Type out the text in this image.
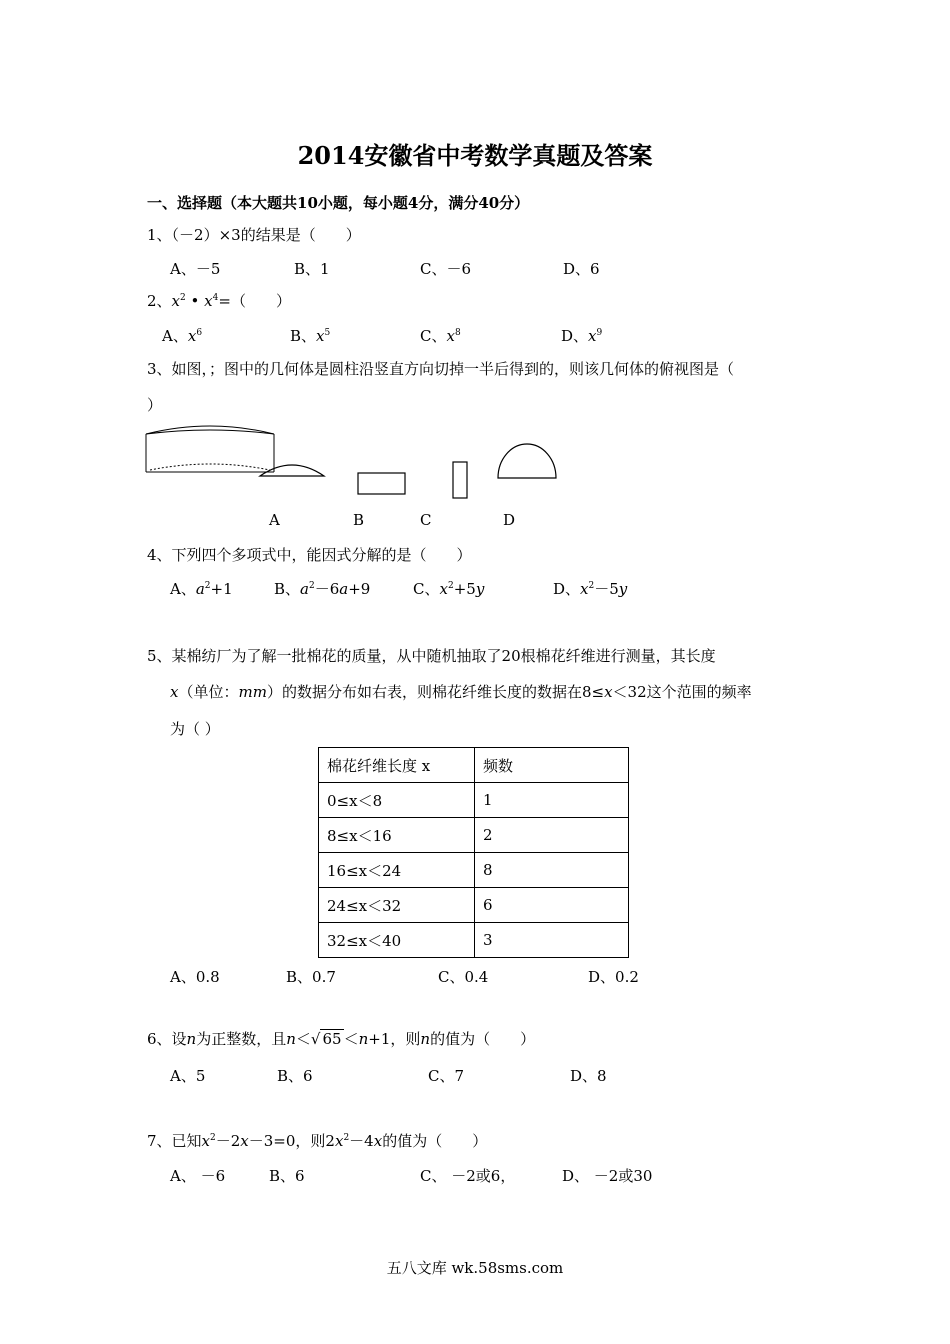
2014安徽省中考数学真题及答案
一、选择题（本大题共10小题，每小题4分，满分40分）
1、（－2）×3的结果是（　　）
A、－5	B、1	C、－6	D、6
2、$x^2$ • $x^4=$（　　）
A、$x^6$	B、$x^5$	C、$x^8$	D、$x^9$
3、如图，；图中的几何体是圆柱沿竖直方向切掉一半后得到的，则该几何体的俯视图是（
）
A	B	C	D
4、下列四个多项式中，能因式分解的是（　　）
A、$a^2+1$	B、$a^2-6a+9$	C、$x^2+5y$	D、$x^2-5y$
5、某棉纺厂为了解一批棉花的质量，从中随机抽取了20根棉花纤维进行测量，其长度
x（单位：mm）的数据分布如右表，则棉花纤维长度的数据在8≤x＜32这个范围的频率
为（ ）
棉花纤维长度 x	频数
0≤x＜8	1
8≤x＜16	2
16≤x＜24	8
24≤x＜32	6
32≤x＜40	3
A、0.8	B、0.7	C、0.4	D、0.2
6、设n为正整数，且n＜√ 65 ＜n+1，则n的值为（　　）
A、5	B、6	C、7	D、8
7、已知$x^2-2x-3=0$，则$2x^2-4x$的值为（　　）
A、 －6	B、6	C、 －2或6，	D、 －2或30
五八文库 wk.58sms.com
